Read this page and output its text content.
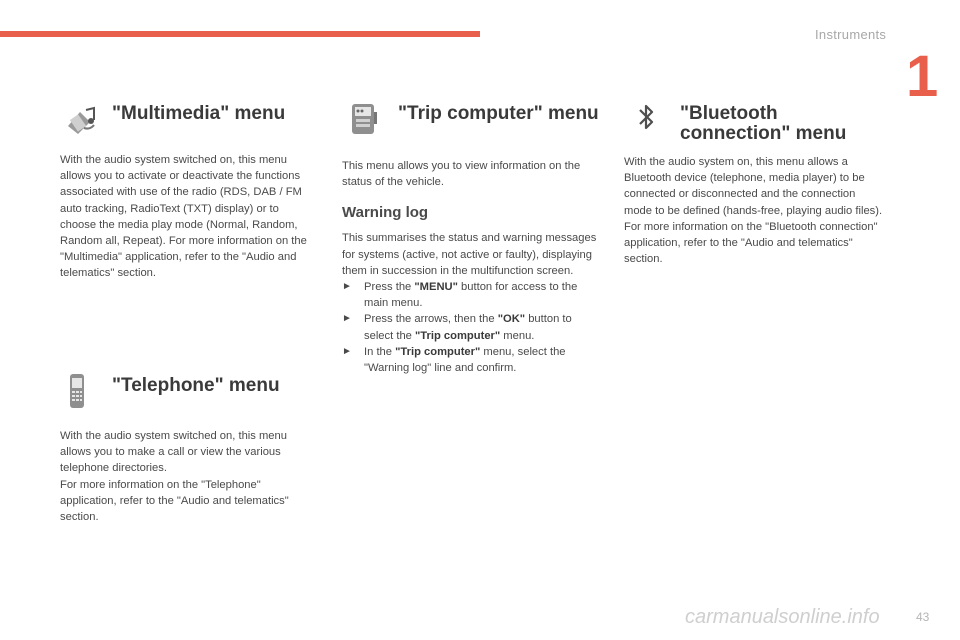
Instruments
1
"Multimedia" menu

With the audio system switched on, this menu allows you to activate or deactivate the functions associated with use of the radio (RDS, DAB / FM auto tracking, RadioText (TXT) display) or to choose the media play mode (Normal, Random, Random all, Repeat). For more information on the "Multimedia" application, refer to the "Audio and telematics" section.

"Telephone" menu

With the audio system switched on, this menu allows you to make a call or view the various telephone directories.

For more information on the "Telephone" application, refer to the "Audio and telematics" section.

"Trip computer" menu

This menu allows you to view information on the status of the vehicle.

Warning log

This summarises the status and warning messages for systems (active, not active or faulty), displaying them in succession in the multifunction screen.

► Press the "MENU" button for access to the main menu.
► Press the arrows, then the "OK" button to select the "Trip computer" menu.
► In the "Trip computer" menu, select the "Warning log" line and confirm.
"Bluetooth
connection" menu

With the audio system on, this menu allows a Bluetooth device (telephone, media player) to be connected or disconnected and the connection mode to be defined (hands-free, playing audio files).

For more information on the "Bluetooth connection" application, refer to the "Audio and telematics" section.

carmanualsonline.info	43
